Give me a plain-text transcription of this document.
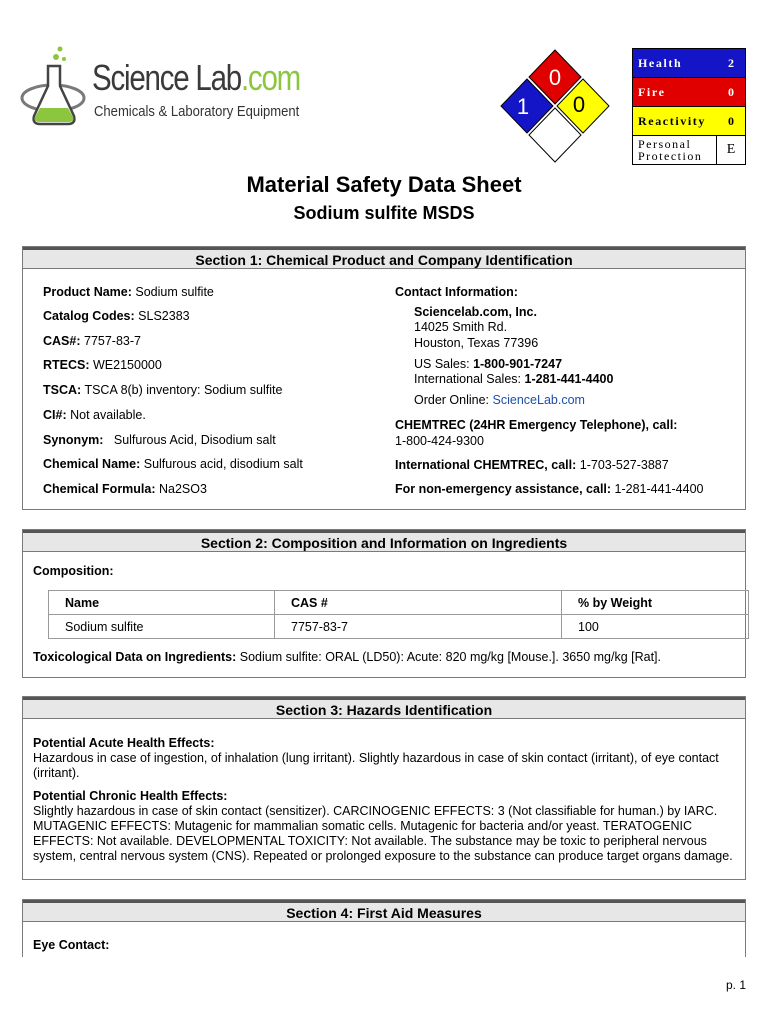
Science Lab.com
Chemicals & Laboratory Equipment
0
1 0
Health	2
Fire	0
Reactivity	0
Personal Protection	E
Material Safety Data Sheet
Sodium sulfite MSDS
Section 1: Chemical Product and Company Identification
Product Name: Sodium sulfite
Catalog Codes: SLS2383
CAS#: 7757-83-7
RTECS: WE2150000
TSCA: TSCA 8(b) inventory: Sodium sulfite
CI#: Not available.
Synonym:   Sulfurous Acid, Disodium salt
Chemical Name: Sulfurous acid, disodium salt
Chemical Formula: Na2SO3
Contact Information:
Sciencelab.com, Inc.
14025 Smith Rd.
Houston, Texas 77396
US Sales: 1-800-901-7247
International Sales: 1-281-441-4400
Order Online: ScienceLab.com
CHEMTREC (24HR Emergency Telephone), call:
1-800-424-9300
International CHEMTREC, call: 1-703-527-3887
For non-emergency assistance, call: 1-281-441-4400
Section 2: Composition and Information on Ingredients
Composition:
Name	CAS #	% by Weight
Sodium sulfite	7757-83-7	100
Toxicological Data on Ingredients: Sodium sulfite: ORAL (LD50): Acute: 820 mg/kg [Mouse.]. 3650 mg/kg [Rat].
Section 3: Hazards Identification
Potential Acute Health Effects:
Hazardous in case of ingestion, of inhalation (lung irritant). Slightly hazardous in case of skin contact (irritant), of eye contact (irritant).
Potential Chronic Health Effects:
Slightly hazardous in case of skin contact (sensitizer). CARCINOGENIC EFFECTS: 3 (Not classifiable for human.) by IARC. MUTAGENIC EFFECTS: Mutagenic for mammalian somatic cells. Mutagenic for bacteria and/or yeast. TERATOGENIC EFFECTS: Not available. DEVELOPMENTAL TOXICITY: Not available. The substance may be toxic to peripheral nervous system, central nervous system (CNS). Repeated or prolonged exposure to the substance can produce target organs damage.
Section 4: First Aid Measures
Eye Contact:
p. 1
